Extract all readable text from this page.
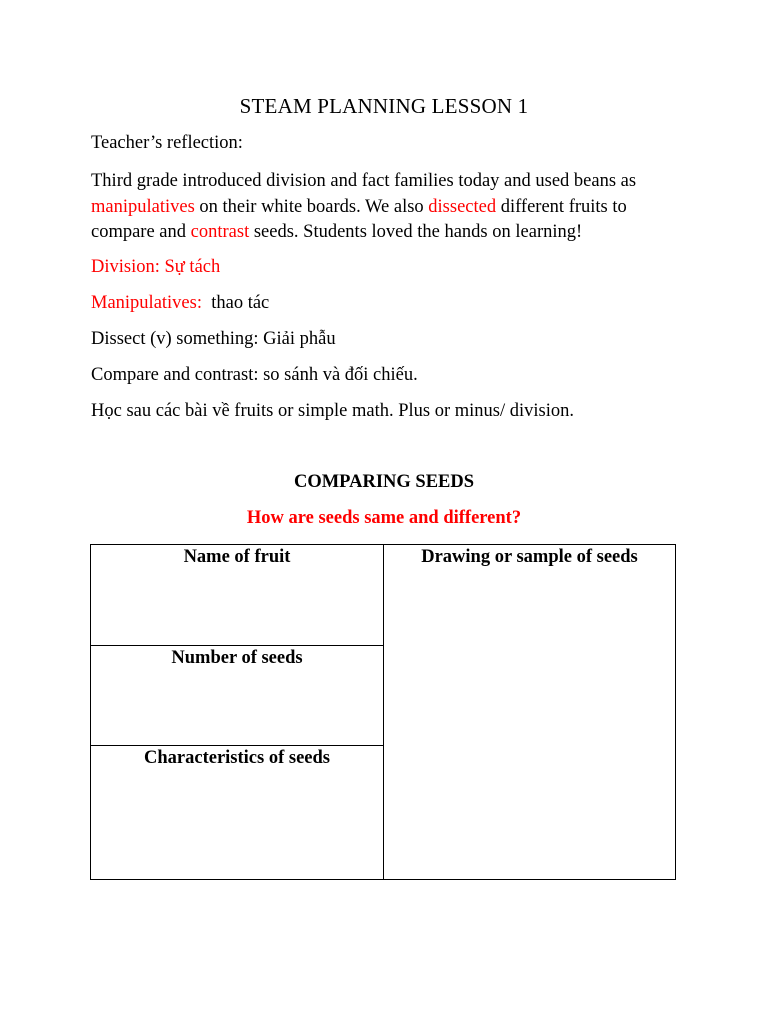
STEAM PLANNING LESSON 1
Teacher’s reflection:
Third grade introduced division and fact families today and used beans as manipulatives on their white boards. We also dissected different fruits to compare and contrast seeds. Students loved the hands on learning!
Division: Sự tách
Manipulatives:  thao tác
Dissect (v) something: Giải phẫu
Compare and contrast: so sánh và đối chiếu.
Học sau các bài về fruits or simple math. Plus or minus/ division.
COMPARING SEEDS
How are seeds same and different?
Name of fruit	Drawing or sample of seeds
Number of seeds
Characteristics of seeds
